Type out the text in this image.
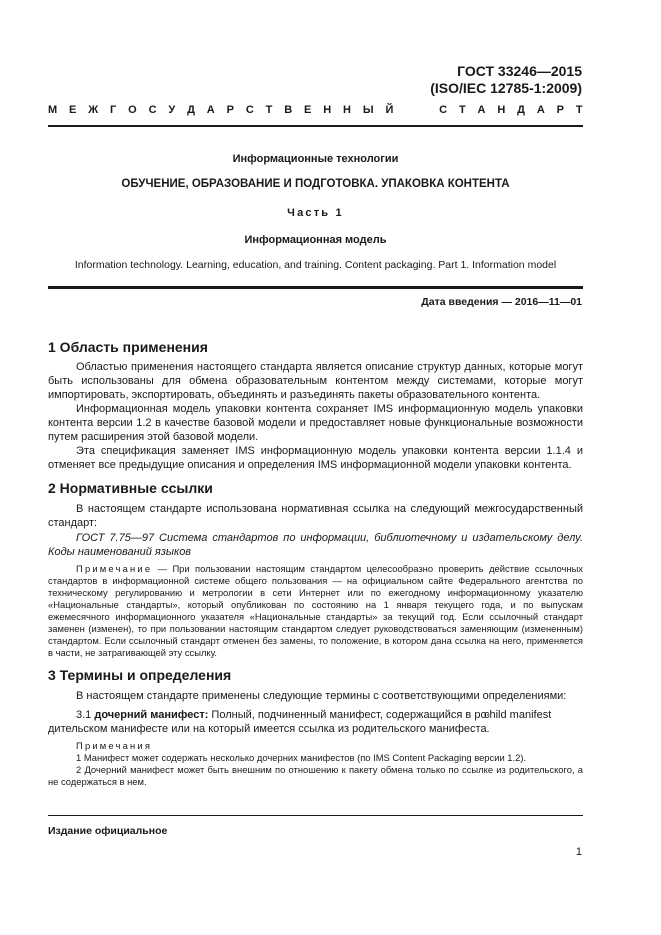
ГОСТ 33246—2015
(ISO/IEC 12785-1:2009)
М Е Ж Г О С У Д А Р С Т В Е Н Н Ы Й	С Т А Н Д А Р Т
Информационные технологии
ОБУЧЕНИЕ, ОБРАЗОВАНИЕ И ПОДГОТОВКА. УПАКОВКА КОНТЕНТА
Часть 1
Информационная модель
Information technology. Learning, education, and training. Content packaging. Part 1. Information model
Дата введения — 2016—11—01
1 Область применения
Областью применения настоящего стандарта является описание структур данных, которые могут быть использованы для обмена образовательным контентом между системами, которые могут импортировать, экспортировать, объединять и разъединять пакеты образовательного контента.
Информационная модель упаковки контента сохраняет IMS информационную модель упаковки контента версии 1.2 в качестве базовой модели и предоставляет новые функциональные возможности путем расширения этой базовой модели.
Эта спецификация заменяет IMS информационную модель упаковки контента версии 1.1.4 и отменяет все предыдущие описания и определения IMS информационной модели упаковки контента.
2 Нормативные ссылки
В настоящем стандарте использована нормативная ссылка на следующий межгосударственный стандарт:
ГОСТ 7.75—97 Система стандартов по информации, библиотечному и издательскому делу. Коды наименований языков
Примечание — При пользовании настоящим стандартом целесообразно проверить действие ссылочных стандартов в информационной системе общего пользования — на официальном сайте Федерального агентства по техническому регулированию и метрологии в сети Интернет или по ежегодному информационному указателю «Национальные стандарты», который опубликован по состоянию на 1 января текущего года, и по выпускам ежемесячного информационного указателя «Национальные стандарты» за текущий год. Если ссылочный стандарт заменен (изменен), то при пользовании настоящим стандартом следует руководствоваться заменяющим (измененным) стандартом. Если ссылочный стандарт отменен без замены, то положение, в котором дана ссылка на него, применяется в части, не затрагивающей эту ссылку.
3 Термины и определения
В настоящем стандарте применены следующие термины с соответствующими определениями:
3.1 дочерний манифест: Полный, подчиненный манифест, содержащийся в ро-
дительском манифесте или на который имеется ссылка из родительского манифеста.
child manifest
Примечания
1 Манифест может содержать несколько дочерних манифестов (по IMS Content Packaging версии 1.2).
2 Дочерний манифест может быть внешним по отношению к пакету обмена только по ссылке из родительского, а не содержаться в нем.
Издание официальное
1
